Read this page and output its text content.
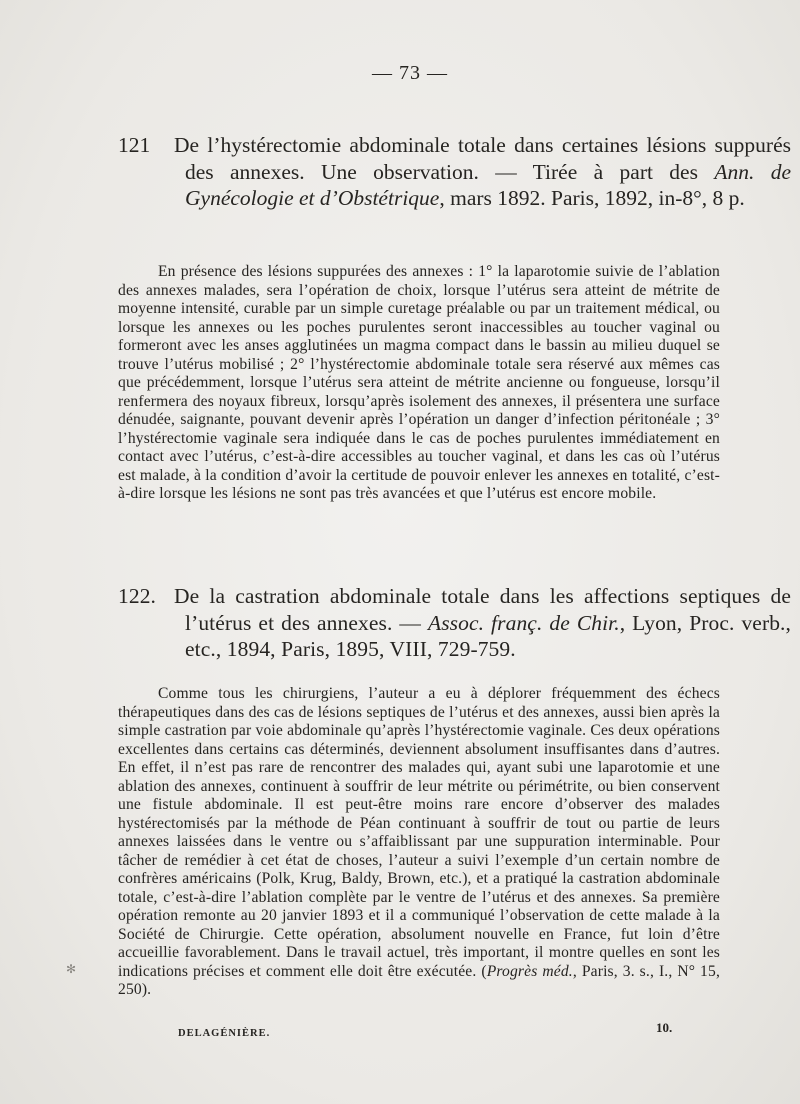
— 73 —
121 De l’hystérectomie abdominale totale dans certaines lésions suppurés des annexes. Une observation. — Tirée à part des Ann. de Gynécologie et d’Obstétrique, mars 1892. Paris, 1892, in-8°, 8 p.
En présence des lésions suppurées des annexes : 1° la laparotomie suivie de l’ablation des annexes malades, sera l’opération de choix, lorsque l’utérus sera atteint de métrite de moyenne intensité, curable par un simple curetage préalable ou par un traitement médical, ou lorsque les annexes ou les poches purulentes seront inaccessibles au toucher vaginal ou formeront avec les anses agglutinées un magma compact dans le bassin au milieu duquel se trouve l’utérus mobilisé ; 2° l’hystérectomie abdominale totale sera réservé aux mêmes cas que précédemment, lorsque l’utérus sera atteint de métrite ancienne ou fongueuse, lorsqu’il renfermera des noyaux fibreux, lorsqu’après isolement des annexes, il présentera une surface dénudée, saignante, pouvant devenir après l’opération un danger d’infection péritonéale ; 3° l’hystérectomie vaginale sera indiquée dans le cas de poches purulentes immédiatement en contact avec l’utérus, c’est-à-dire accessibles au toucher vaginal, et dans les cas où l’utérus est malade, à la condition d’avoir la certitude de pouvoir enlever les annexes en totalité, c’est-à-dire lorsque les lésions ne sont pas très avancées et que l’utérus est encore mobile.
122. De la castration abdominale totale dans les affections septiques de l’utérus et des annexes. — Assoc. franç. de Chir., Lyon, Proc. verb., etc., 1894, Paris, 1895, VIII, 729-759.
Comme tous les chirurgiens, l’auteur a eu à déplorer fréquemment des échecs thérapeutiques dans des cas de lésions septiques de l’utérus et des annexes, aussi bien après la simple castration par voie abdominale qu’après l’hystérectomie vaginale. Ces deux opérations excellentes dans certains cas déterminés, deviennent absolument insuffisantes dans d’autres. En effet, il n’est pas rare de rencontrer des malades qui, ayant subi une laparotomie et une ablation des annexes, continuent à souffrir de leur métrite ou périmétrite, ou bien conservent une fistule abdominale. Il est peut-être moins rare encore d’observer des malades hystérectomisés par la méthode de Péan continuant à souffrir de tout ou partie de leurs annexes laissées dans le ventre ou s’affaiblissant par une suppuration interminable. Pour tâcher de remédier à cet état de choses, l’auteur a suivi l’exemple d’un certain nombre de confrères américains (Polk, Krug, Baldy, Brown, etc.), et a pratiqué la castration abdominale totale, c’est-à-dire l’ablation complète par le ventre de l’utérus et des annexes. Sa première opération remonte au 20 janvier 1893 et il a communiqué l’observation de cette malade à la Société de Chirurgie. Cette opération, absolument nouvelle en France, fut loin d’être accueillie favorablement. Dans le travail actuel, très important, il montre quelles en sont les indications précises et comment elle doit être exécutée. (Progrès méd., Paris, 3. s., I., N° 15, 250).
✻
DELAGÉNIÈRE.	10.
